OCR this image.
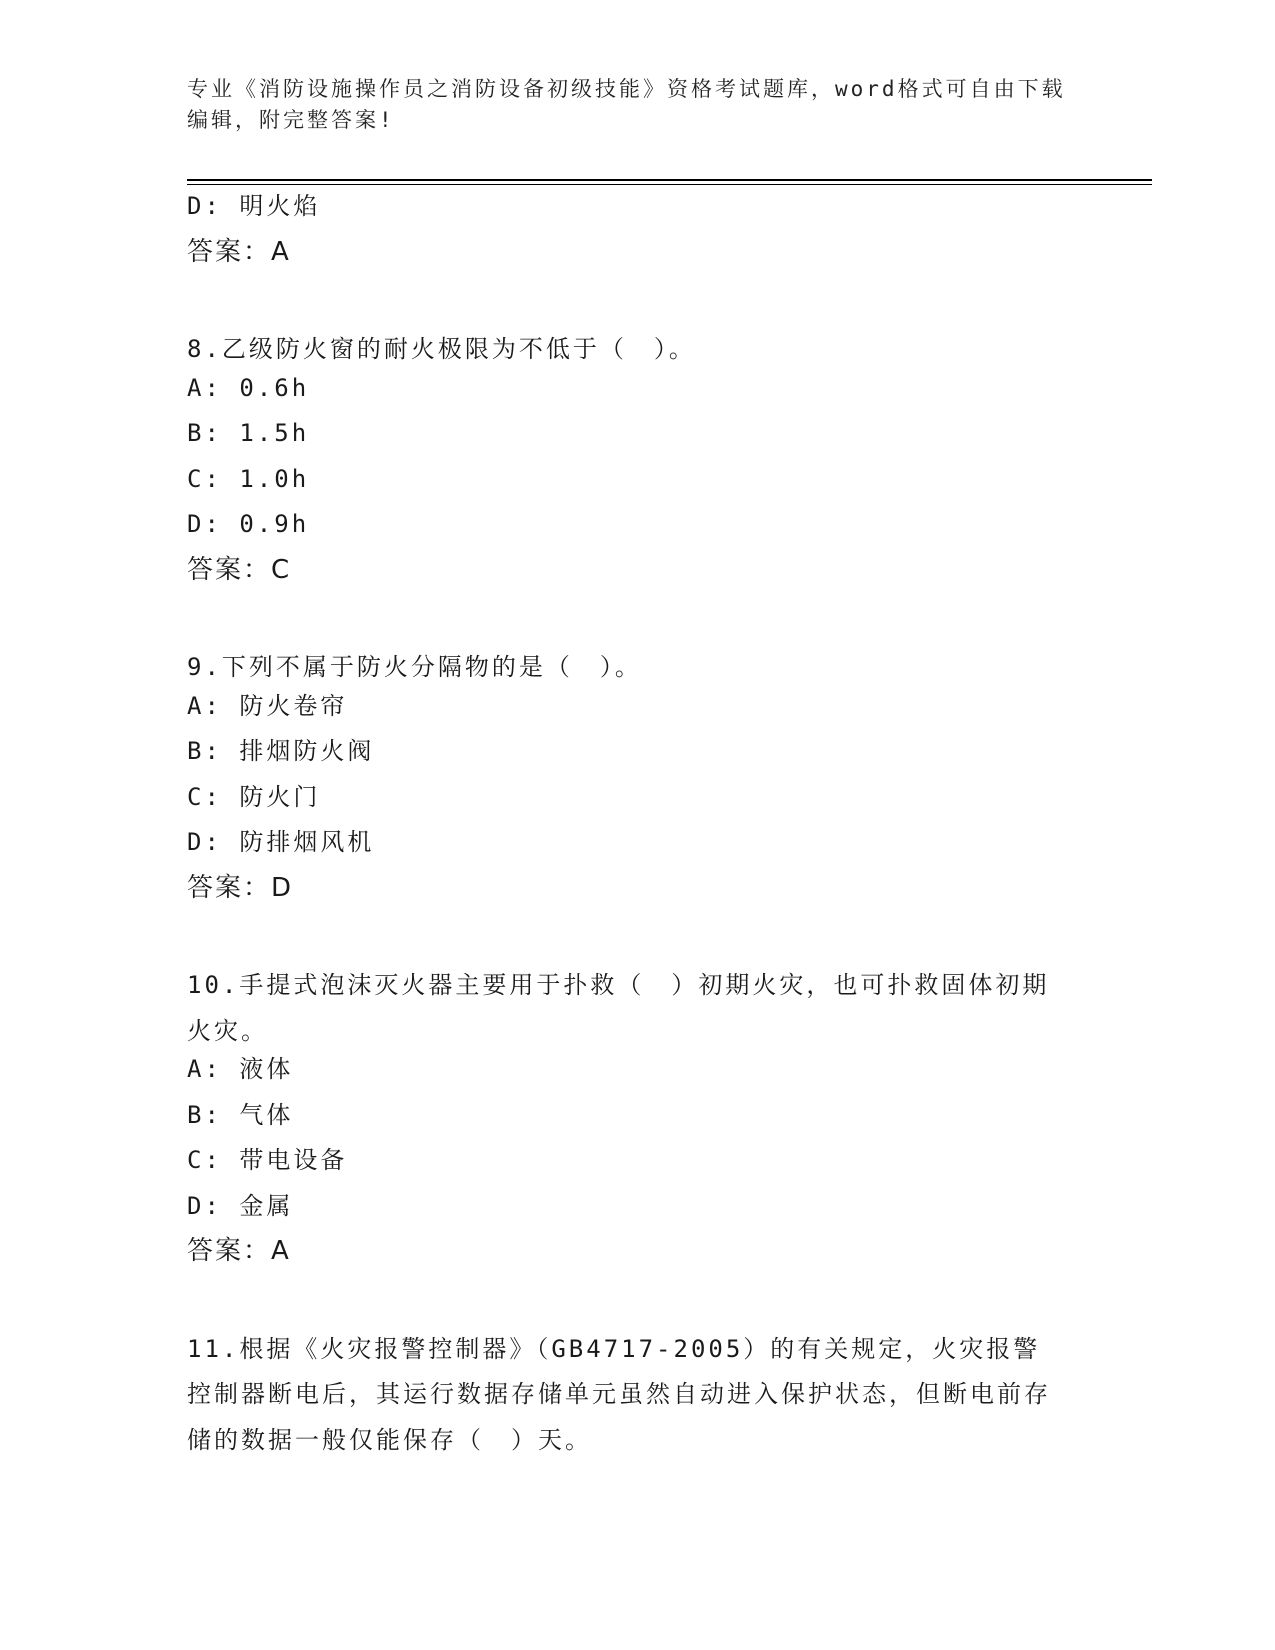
专业《消防设施操作员之消防设备初级技能》资格考试题库，word格式可自由下载编辑，附完整答案!
D: 明火焰
答案：A
8.乙级防火窗的耐火极限为不低于（　）。
A: 0.6h
B: 1.5h
C: 1.0h
D: 0.9h
答案：C
9.下列不属于防火分隔物的是（　）。
A: 防火卷帘
B: 排烟防火阀
C: 防火门
D: 防排烟风机
答案：D
10.手提式泡沫灭火器主要用于扑救（　）初期火灾，也可扑救固体初期火灾。
A: 液体
B: 气体
C: 带电设备
D: 金属
答案：A
11.根据《火灾报警控制器》（GB4717-2005）的有关规定，火灾报警控制器断电后，其运行数据存储单元虽然自动进入保护状态，但断电前存储的数据一般仅能保存（　）天。
